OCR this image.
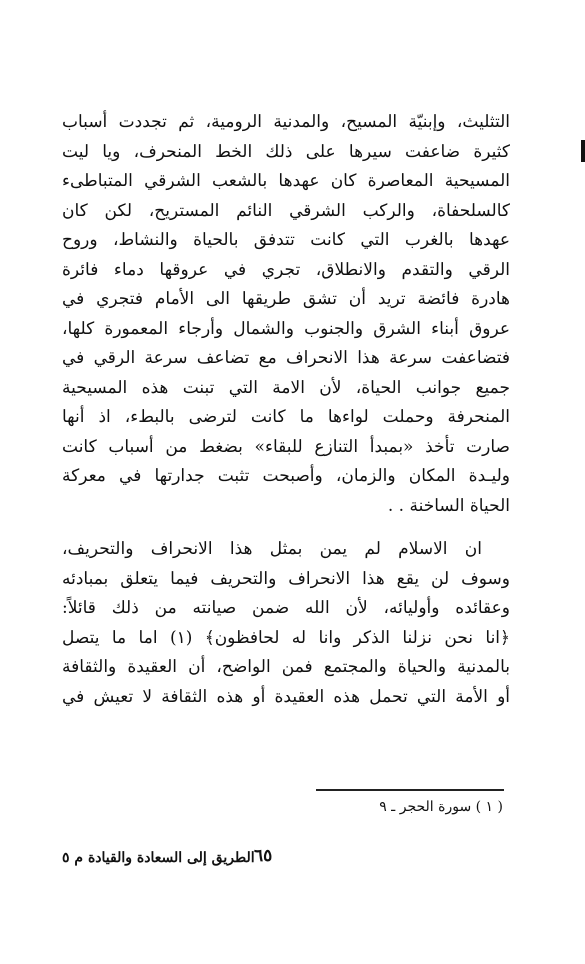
التثليث، وإبنيّة المسيح، والمدنية الرومية، ثم تجددت أسباب
كثيرة ضاعفت سيرها على ذلك الخط المنحرف، ويا ليت
المسيحية المعاصرة كان عهدها بالشعب الشرقي المتباطىء
كالسلحفاة، والركب الشرقي النائم المستريح، لكن كان
عهدها بالغرب التي كانت تتدفق بالحياة والنشاط، وروح
الرقي والتقدم والانطلاق، تجري في عروقها دماء فائرة
هادرة فائضة تريد أن تشق طريقها الى الأمام فتجري في
عروق أبناء الشرق والجنوب والشمال وأرجاء المعمورة كلها،
فتضاعفت سرعة هذا الانحراف مع تضاعف سرعة الرقي في
جميع جوانب الحياة، لأن الامة التي تبنت هذه المسيحية
المنحرفة وحملت لواءها ما كانت لترضى بالبطء، اذ أنها
صارت تأخذ «بمبدأ التنازع للبقاء» بضغط من أسباب كانت
وليـدة المكان والزمان، وأصبحت تثبت جدارتها في معركة
الحياة الساخنة . .
ان الاسلام لم يمن بمثل هذا الانحراف والتحريف،
وسوف لن يقع هذا الانحراف والتحريف فيما يتعلق بمبادئه
وعقائده وأوليائه، لأن الله ضمن صيانته من ذلك قائلاً:
﴿انا نحن نزلنا الذكر وانا له لحافظون﴾ (١) اما ما يتصل
بالمدنية والحياة والمجتمع فمن الواضح، أن العقيدة والثقافة
أو الأمة التي تحمل هذه العقيدة أو هذه الثقافة لا تعيش في
( ١ ) سورة الحجر ـ ٩
الطريق إلى السعادة والقيادة م ٥ ٦٥
